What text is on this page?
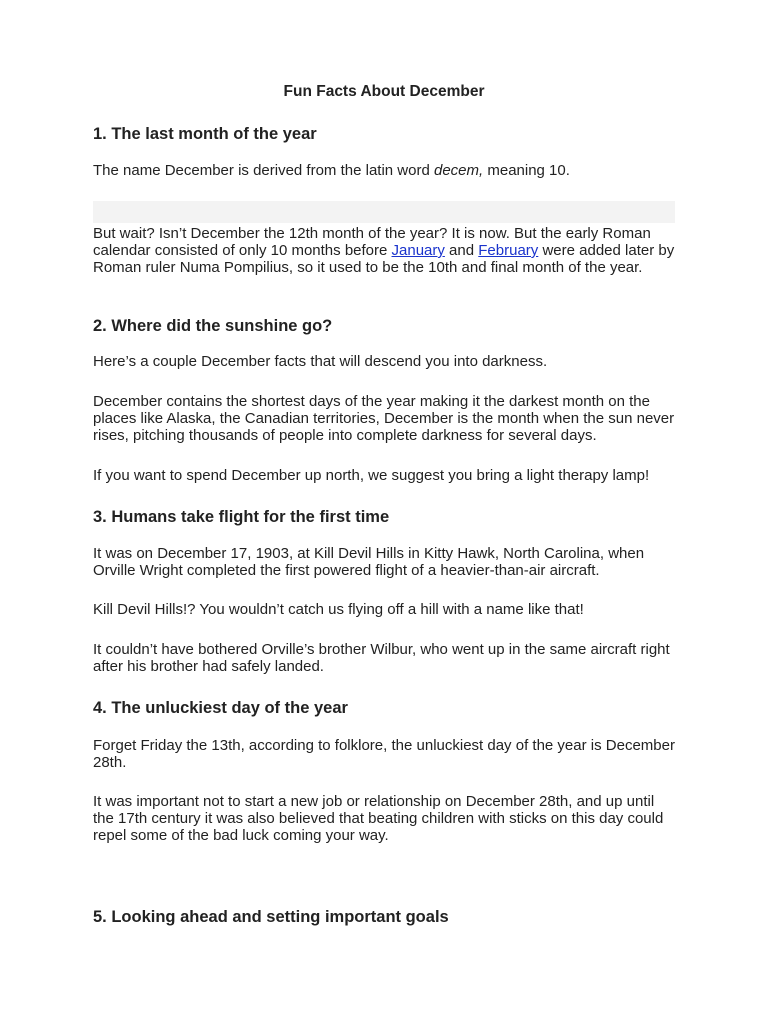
Fun Facts About December
1. The last month of the year
The name December is derived from the latin word decem, meaning 10.
But wait? Isn’t December the 12th month of the year? It is now. But the early Roman calendar consisted of only 10 months before January and February were added later by Roman ruler Numa Pompilius, so it used to be the 10th and final month of the year.
2. Where did the sunshine go?
Here’s a couple December facts that will descend you into darkness.
December contains the shortest days of the year making it the darkest month on the places like Alaska, the Canadian territories, December is the month when the sun never rises, pitching thousands of people into complete darkness for several days.
If you want to spend December up north, we suggest you bring a light therapy lamp!
3. Humans take flight for the first time
It was on December 17, 1903, at Kill Devil Hills in Kitty Hawk, North Carolina, when Orville Wright completed the first powered flight of a heavier-than-air aircraft.
Kill Devil Hills!? You wouldn’t catch us flying off a hill with a name like that!
It couldn’t have bothered Orville’s brother Wilbur, who went up in the same aircraft right after his brother had safely landed.
4. The unluckiest day of the year
Forget Friday the 13th, according to folklore, the unluckiest day of the year is December 28th.
It was important not to start a new job or relationship on December 28th, and up until the 17th century it was also believed that beating children with sticks on this day could repel some of the bad luck coming your way.
5. Looking ahead and setting important goals
